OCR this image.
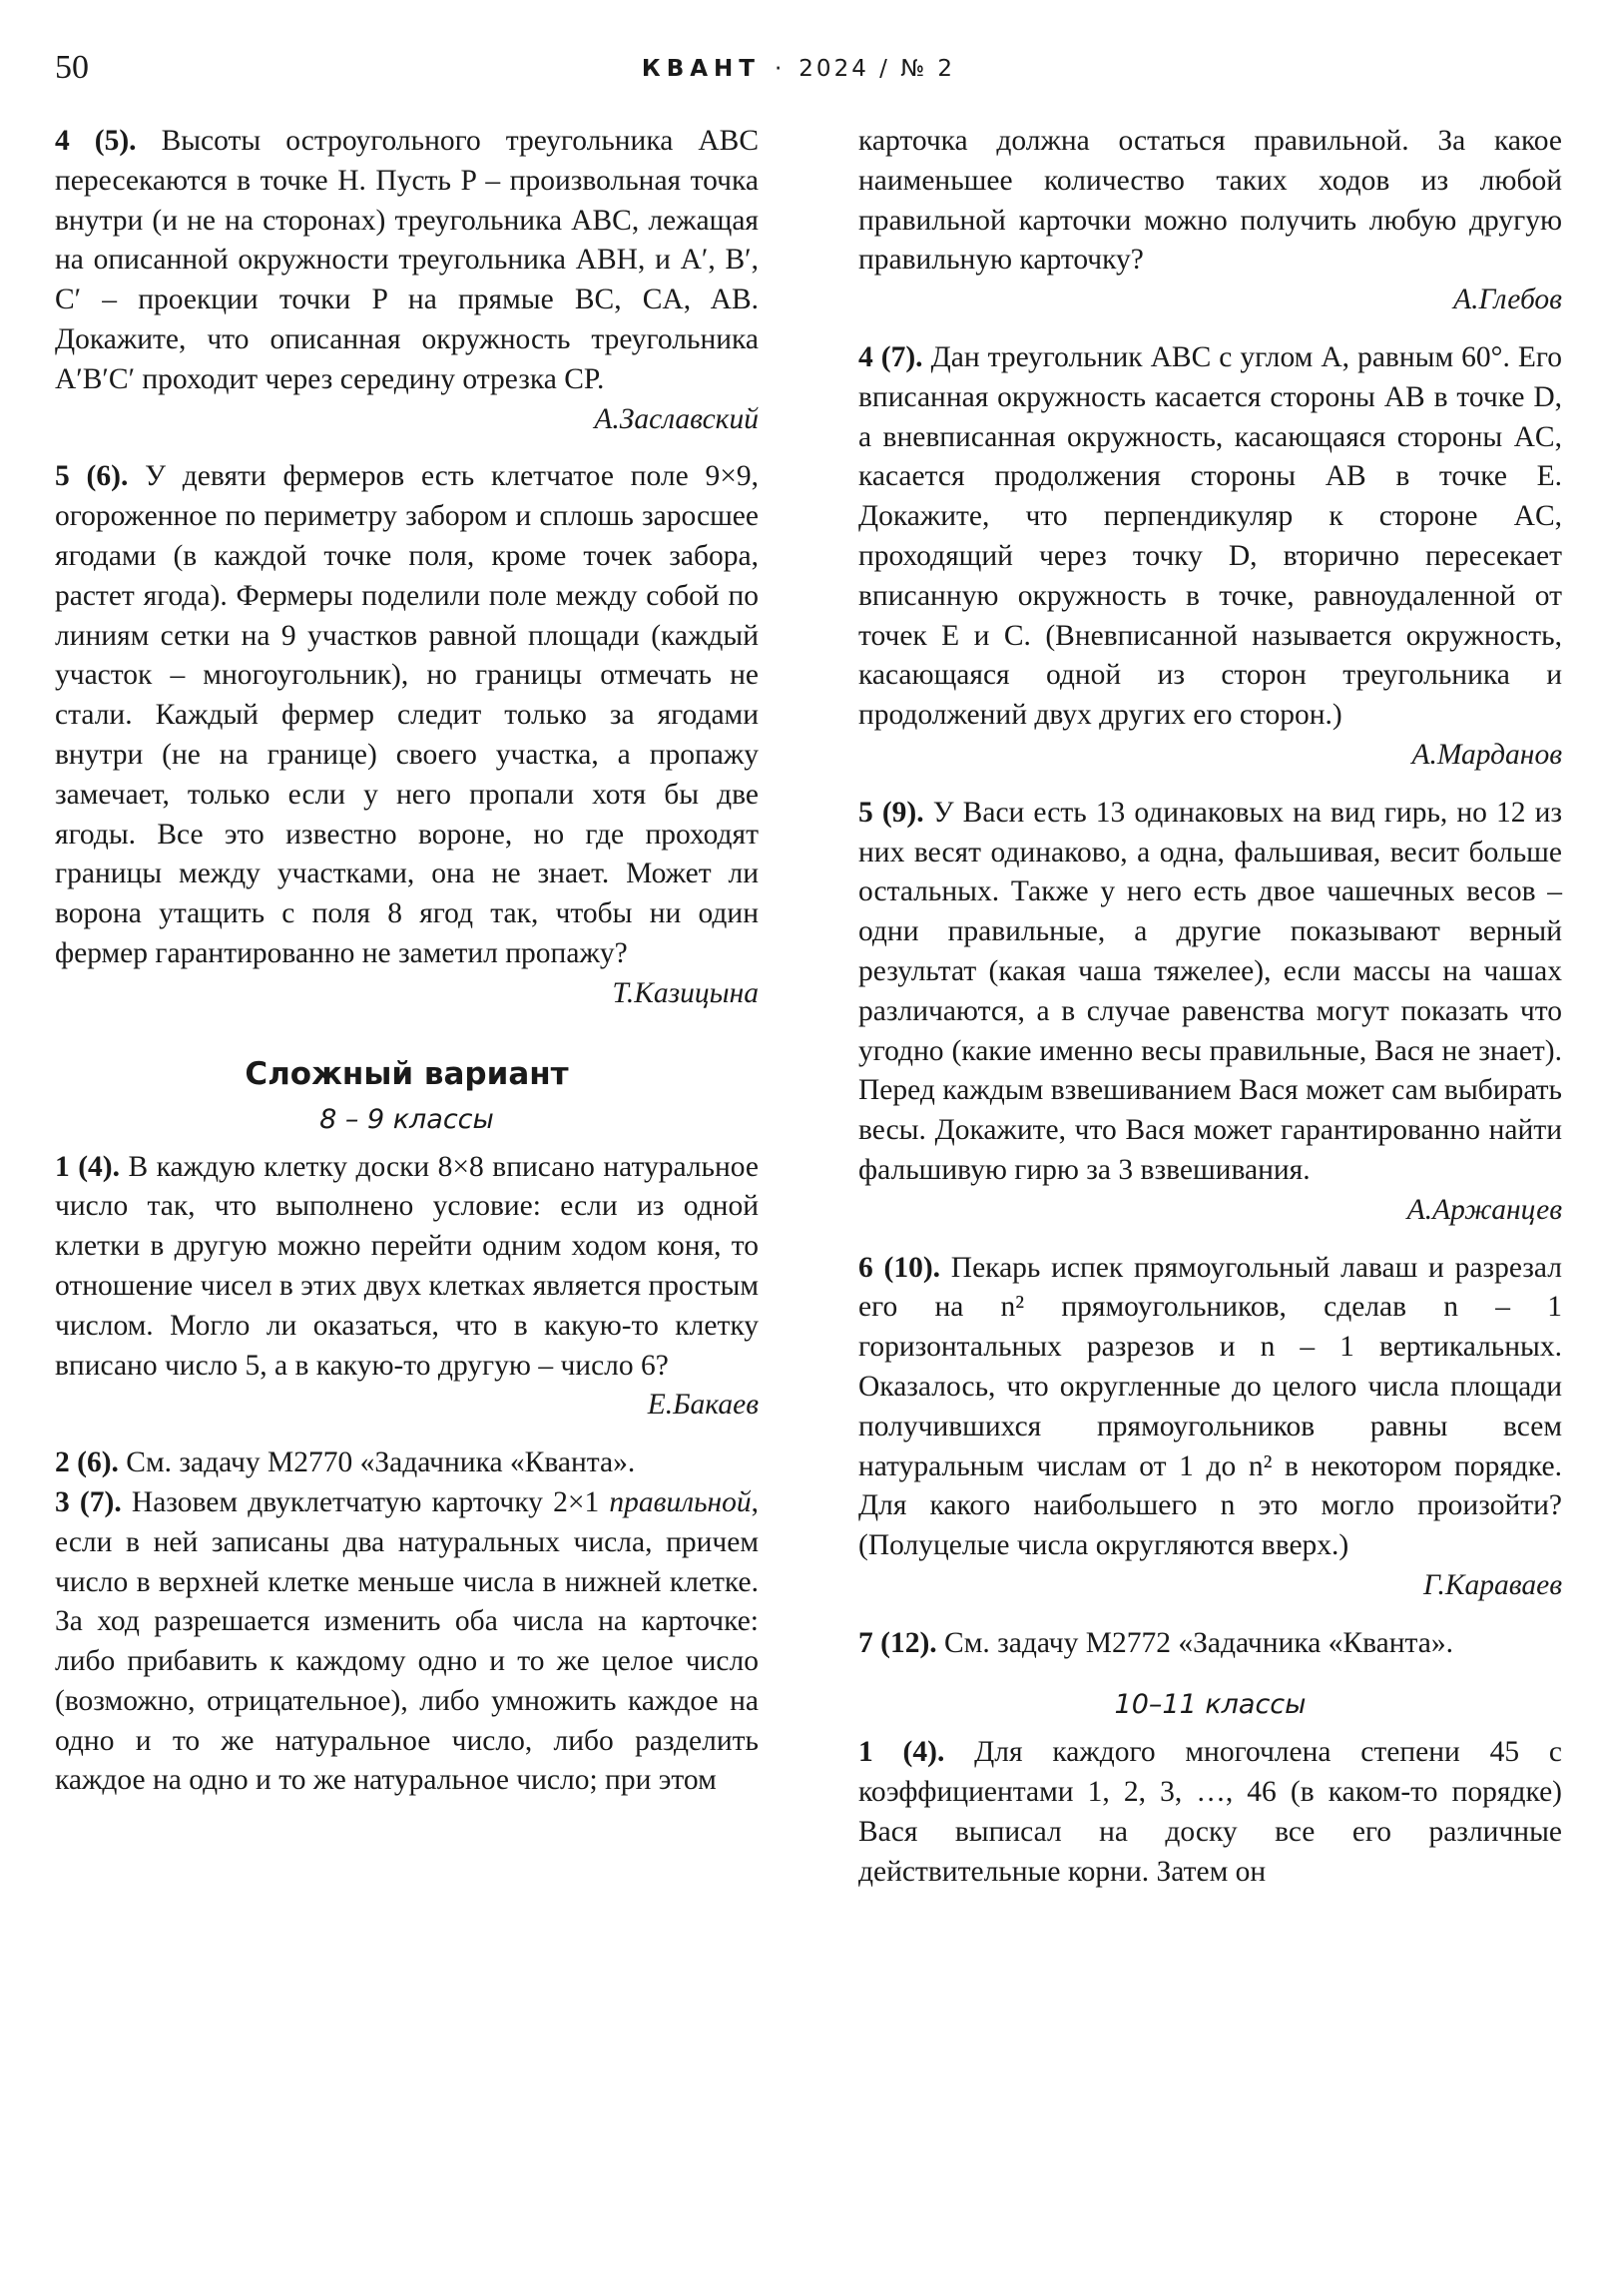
50	КВАНТ · 2024 / № 2

4 (5). Высоты остроугольного треугольника ABC пересекаются в точке H. Пусть P – произвольная точка внутри (и не на сторонах) треугольника ABC, лежащая на описанной окружности треугольника ABH, и A′, B′, C′ – проекции точки P на прямые BC, CA, AB. Докажите, что описанная окружность треугольника A′B′C′ проходит через середину отрезка CP.

А.Заславский

5 (6). У девяти фермеров есть клетчатое поле 9×9, огороженное по периметру забором и сплошь заросшее ягодами (в каждой точке поля, кроме точек забора, растет ягода). Фермеры поделили поле между собой по линиям сетки на 9 участков равной площади (каждый участок – многоугольник), но границы отмечать не стали. Каждый фермер следит только за ягодами внутри (не на границе) своего участка, а пропажу замечает, только если у него пропали хотя бы две ягоды. Все это известно вороне, но где проходят границы между участками, она не знает. Может ли ворона утащить с поля 8 ягод так, чтобы ни один фермер гарантированно не заметил пропажу?

Т.Казицына

Сложный вариант

8 – 9 классы

1 (4). В каждую клетку доски 8×8 вписано натуральное число так, что выполнено условие: если из одной клетки в другую можно перейти одним ходом коня, то отношение чисел в этих двух клетках является простым числом. Могло ли оказаться, что в какую-то клетку вписано число 5, а в какую-то другую – число 6?

Е.Бакаев

2 (6). См. задачу М2770 «Задачника «Кванта».

3 (7). Назовем двуклетчатую карточку 2×1 правильной, если в ней записаны два натуральных числа, причем число в верхней клетке меньше числа в нижней клетке. За ход разрешается изменить оба числа на карточке: либо прибавить к каждому одно и то же целое число (возможно, отрицательное), либо умножить каждое на одно и то же натуральное число, либо разделить каждое на одно и то же натуральное число; при этом

карточка должна остаться правильной. За какое наименьшее количество таких ходов из любой правильной карточки можно получить любую другую правильную карточку?

А.Глебов

4 (7). Дан треугольник ABC с углом A, равным 60°. Его вписанная окружность касается стороны AB в точке D, а вневписанная окружность, касающаяся стороны AC, касается продолжения стороны AB в точке E. Докажите, что перпендикуляр к стороне AC, проходящий через точку D, вторично пересекает вписанную окружность в точке, равноудаленной от точек E и C. (Вневписанной называется окружность, касающаяся одной из сторон треугольника и продолжений двух других его сторон.)

А.Марданов

5 (9). У Васи есть 13 одинаковых на вид гирь, но 12 из них весят одинаково, а одна, фальшивая, весит больше остальных. Также у него есть двое чашечных весов – одни правильные, а другие показывают верный результат (какая чаша тяжелее), если массы на чашах различаются, а в случае равенства могут показать что угодно (какие именно весы правильные, Вася не знает). Перед каждым взвешиванием Вася может сам выбирать весы. Докажите, что Вася может гарантированно найти фальшивую гирю за 3 взвешивания.

А.Аржанцев

6 (10). Пекарь испек прямоугольный лаваш и разрезал его на n² прямоугольников, сделав n – 1 горизонтальных разрезов и n – 1 вертикальных. Оказалось, что округленные до целого числа площади получившихся прямоугольников равны всем натуральным числам от 1 до n² в некотором порядке. Для какого наибольшего n это могло произойти? (Полуцелые числа округляются вверх.)

Г.Караваев

7 (12). См. задачу М2772 «Задачника «Кванта».

10–11 классы

1 (4). Для каждого многочлена степени 45 с коэффициентами 1, 2, 3, …, 46 (в каком-то порядке) Вася выписал на доску все его различные действительные корни. Затем он
